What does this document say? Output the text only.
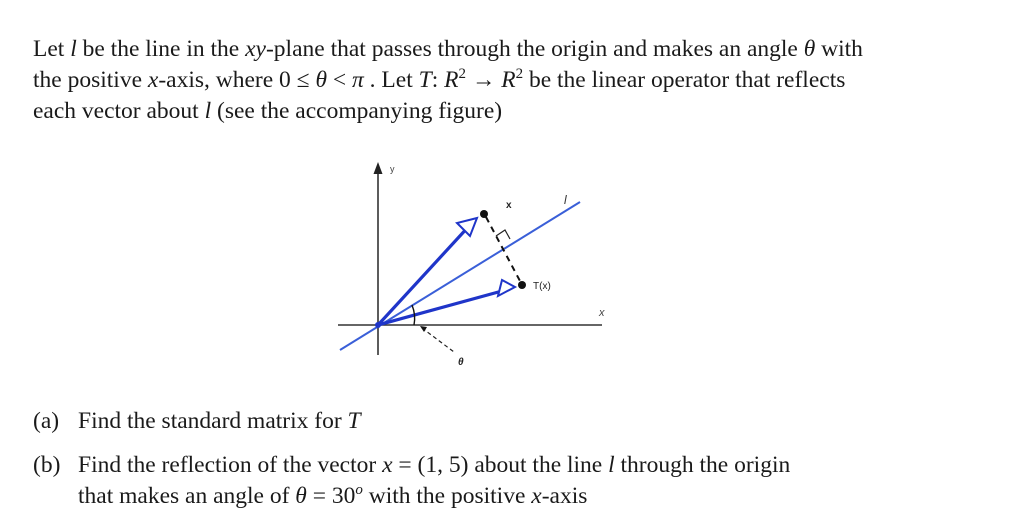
Let l be the line in the xy-plane that passes through the origin and makes an angle θ with
the positive x-axis, where 0 ≤ θ < π . Let T: $R^2 \to R^2$ be the linear operator that reflects
each vector about l (see the accompanying figure)
y
x
l
x
T(x)
θ
(a) Find the standard matrix for T
(b) Find the reflection of the vector x = (1, 5) about the line l through the origin
that makes an angle of $\theta = 30^o$ with the positive x-axis
